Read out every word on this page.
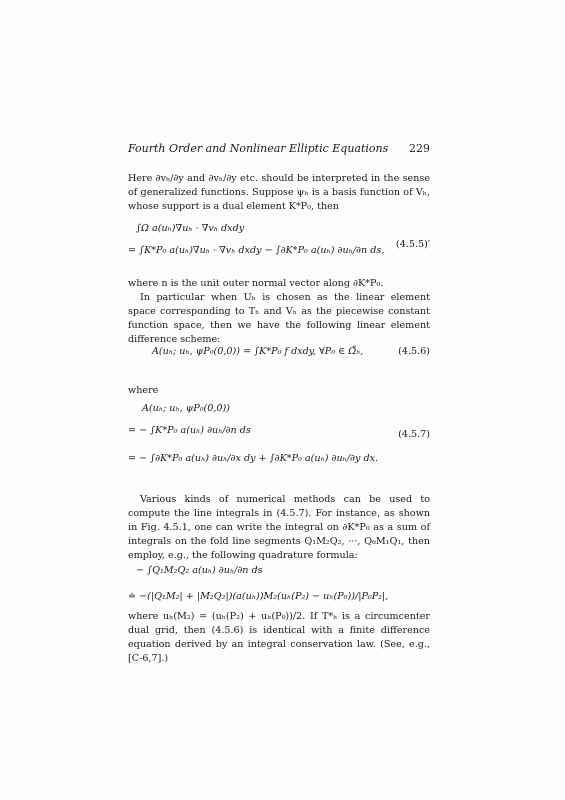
Fourth Order and Nonlinear Elliptic Equations 229
Here ∂vₕ/∂y and ∂vₕ/∂y etc. should be interpreted in the sense of generalized functions. Suppose ψₕ is a basis function of Vₕ, whose support is a dual element K*P₀, then
∫Ω a(uₕ)∇uₕ · ∇vₕ dxdy
= ∫K*P₀ a(uₕ)∇uₕ · ∇vₕ dxdy − ∫∂K*P₀ a(uₕ) ∂uₕ/∂n ds,
(4.5.5)′
where n is the unit outer normal vector along ∂K*P₀.
In particular when Uₕ is chosen as the linear element space corresponding to Tₕ and Vₕ as the piecewise constant function space, then we have the following linear element difference scheme:
A(uₕ; uₕ, ψP₀(0,0)) = ∫K*P₀ f dxdy, ∀P₀ ∈ Ω̊ₕ,	(4.5.6)
where
A(uₕ; uₕ, ψP₀(0,0))
= − ∫K*P₀ a(uₕ) ∂uₕ/∂n ds
= − ∫∂K*P₀ a(uₕ) ∂uₕ/∂x dy + ∫∂K*P₀ a(uₕ) ∂uₕ/∂y dx.
(4.5.7)
Various kinds of numerical methods can be used to compute the line integrals in (4.5.7). For instance, as shown in Fig. 4.5.1, one can write the integral on ∂K*P₀ as a sum of integrals on the fold line segments Q₁M₂Q₂, ···, Q₆M₁Q₁, then employ, e.g., the following quadrature formula:
− ∫Q₁M₂Q₂ a(uₕ) ∂uₕ/∂n ds
≐ −(|Q₁M₂| + |M₂Q₂|)(a(uₕ))M₂(uₕ(P₂) − uₕ(P₀))/|P₀P₂|,
where uₕ(M₂) = (uₕ(P₂) + uₕ(P₀))/2. If T*ₕ is a circumcenter dual grid, then (4.5.6) is identical with a finite difference equation derived by an integral conservation law. (See, e.g., [C-6,7].)
